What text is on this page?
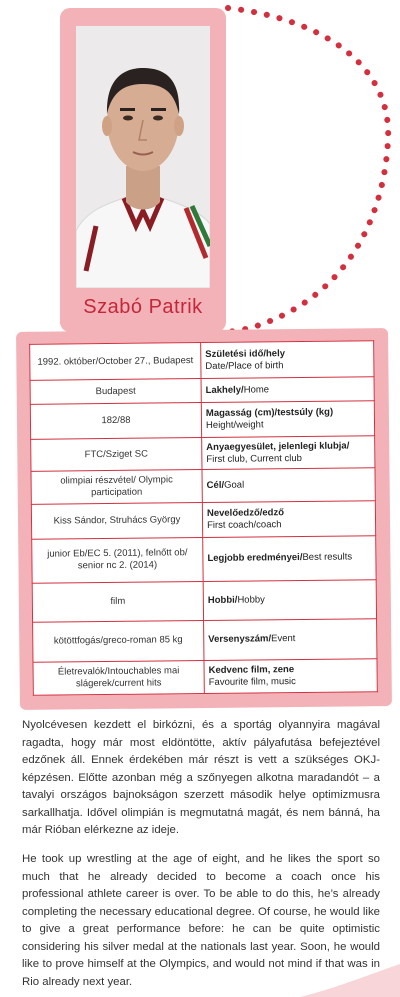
Szabó Patrik
1992. október/October 27., Budapest	Születési idő/hely
Date/Place of birth
Budapest	Lakhely/Home
182/88	Magasság (cm)/testsúly (kg)
Height/weight
FTC/Sziget SC	Anyaegyesület, jelenlegi klubja/
First club, Current club
olimpiai részvétel/ Olympic participation	Cél/Goal
Kiss Sándor, Struhács György	Nevelőedző/edző
First coach/coach
junior Eb/EC 5. (2011), felnőtt ob/ senior nc 2. (2014)	Legjobb eredményei/Best results
film	Hobbi/Hobby
kötöttfogás/greco-roman 85 kg	Versenyszám/Event
Életrevalók/Intouchables mai slágerek/current hits	Kedvenc film, zene
Favourite film, music

Nyolcévesen kezdett el birkózni, és a sportág olyannyira magával ragadta, hogy már most eldöntötte, aktív pályafutása befejeztével edzőnek áll. Ennek érdekében már részt is vett a szükséges OKJ-képzésen. Előtte azonban még a szőnyegen alkotna maradandót – a tavalyi országos bajnokságon szerzett második helye optimizmusra sarkallhatja. Idővel olimpián is megmutatná magát, és nem bánná, ha már Rióban elérkezne az ideje.

He took up wrestling at the age of eight, and he likes the sport so much that he already decided to become a coach once his professional athlete career is over. To be able to do this, he’s already completing the necessary educational degree. Of course, he would like to give a great performance before: he can be quite optimistic considering his silver medal at the nationals last year. Soon, he would like to prove himself at the Olympics, and would not mind if that was in Rio already next year.
